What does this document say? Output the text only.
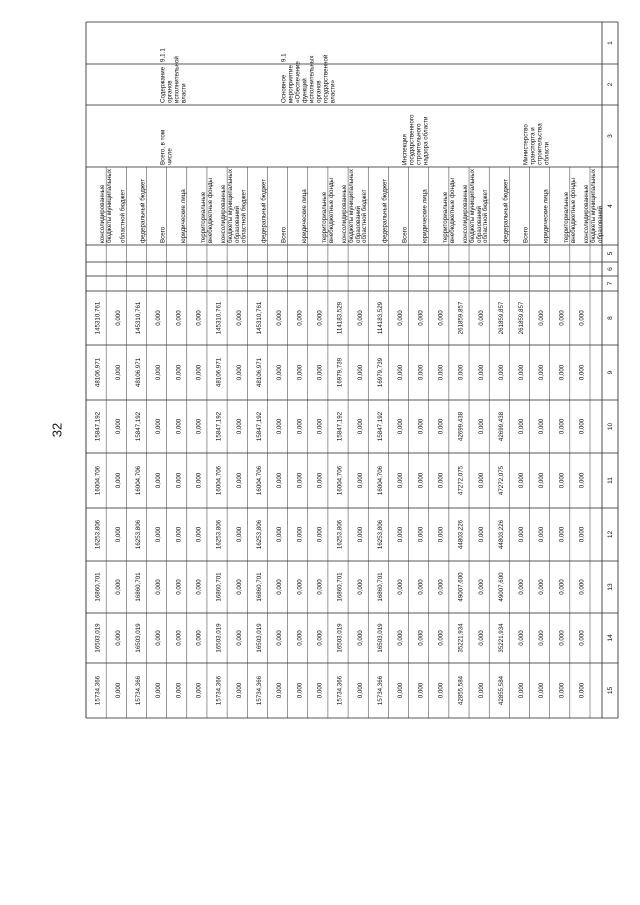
32
1
2
3
4
5
6
7
8
9
10
11
12
13
14
15
консолидированные бюджеты муниципальных образований
0,000
0,000
0,000
0,000
0,000
0,000
0,000
0,000
территориальные внебюджетные фонды
0,000
0,000
0,000
0,000
0,000
0,000
0,000
0,000
юридические лица
0,000
0,000
0,000
0,000
0,000
0,000
0,000
0,000
Министерство транспорта и строительства области
Всего
261859,857
0,000
0,000
0,000
0,000
0,000
0,000
0,000
федеральный бюджет
261859,857
0,000
42699,438
47272,075
44803,226
49007,600
35221,934
42855,584
областной бюджет
0,000
0,000
0,000
0,000
0,000
0,000
0,000
0,000
консолидированные бюджеты муниципальных образований
261859,857
0,000
42699,438
47272,075
44803,226
49007,600
35221,934
42855,584
территориальные внебюджетные фонды
0,000
0,000
0,000
0,000
0,000
0,000
0,000
0,000
юридические лица
0,000
0,000
0,000
0,000
0,000
0,000
0,000
0,000
Инспекция государственного строительного надзора области
Всего
0,000
0,000
0,000
0,000
0,000
0,000
0,000
0,000
федеральный бюджет
114183,529
16979,739
15847,192
16004,706
16253,806
16860,701
16503,019
15734,366
областной бюджет
0,000
0,000
0,000
0,000
0,000
0,000
0,000
0,000
консолидированные бюджеты муниципальных образований
114183,529
16979,739
15847,192
16004,706
16253,806
16860,701
16503,019
15734,366
территориальные внебюджетные фонды
0,000
0,000
0,000
0,000
0,000
0,000
0,000
0,000
юридические лица
0,000
0,000
0,000
0,000
0,000
0,000
0,000
0,000
9.1
Основное мероприятие «Обеспечение функций исполнительных органов государственной власти»
Всего
0,000
0,000
0,000
0,000
0,000
0,000
0,000
0,000
федеральный бюджет
145310,761
48106,971
15847,192
16004,706
16253,806
16860,701
16503,019
15734,366
областной бюджет
0,000
0,000
0,000
0,000
0,000
0,000
0,000
0,000
консолидированные бюджеты муниципальных образований
145310,761
48106,971
15847,192
16004,706
16253,806
16860,701
16503,019
15734,366
территориальные внебюджетные фонды
0,000
0,000
0,000
0,000
0,000
0,000
0,000
0,000
юридические лица
0,000
0,000
0,000
0,000
0,000
0,000
0,000
0,000
9.1.1
Содержание органов исполнительной власти
Всего, в том числе
Всего
0,000
0,000
0,000
0,000
0,000
0,000
0,000
0,000
федеральный бюджет
145310,761
48106,971
15847,192
16004,706
16253,806
16860,701
16503,019
15734,366
областной бюджет
0,000
0,000
0,000
0,000
0,000
0,000
0,000
0,000
консолидированные бюджеты муниципальных
145310,761
48106,971
15847,192
16004,706
16253,806
16860,701
16503,019
15734,366
